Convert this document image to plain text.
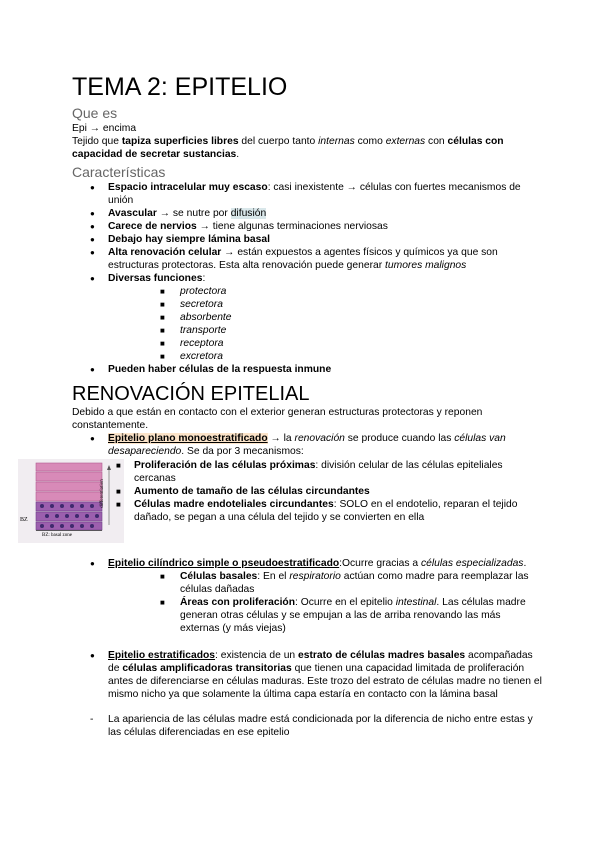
TEMA 2: EPITELIO
Que es

Epi → encima

Tejido que tapiza superficies libres del cuerpo tanto internas como externas con células con capacidad de secretar sustancias.

Características
● Espacio intracelular muy escaso: casi inexistente → células con fuertes mecanismos de unión
● Avascular → se nutre por difusión
● Carece de nervios → tiene algunas terminaciones nerviosas
● Debajo hay siempre lámina basal
● Alta renovación celular → están expuestos a agentes físicos y químicos ya que son estructuras protectoras. Esta alta renovación puede generar tumores malignos
● Diversas funciones:
■ protectora
■ secretora
■ absorbente
■ transporte
■ receptora
■ excretora
● Pueden haber células de la respuesta inmune
RENOVACIÓN EPITELIAL

Debido a que están en contacto con el exterior generan estructuras protectoras y reponen constantemente.

● Epitelio plano monoestratificado → la renovación se produce cuando las células van desapareciendo. Se da por 3 mecanismos:
BZ
BZ: basal zone
differentiation
■ Proliferación de las células próximas: división celular de las células epiteliales cercanas
■ Aumento de tamaño de las células circundantes
■ Células madre endoteliales circundantes: SOLO en el endotelio, reparan el tejido dañado, se pegan a una célula del tejido y se convierten en ella
● Epitelio cilíndrico simple o pseudoestratificado:Ocurre gracias a células especializadas.
■ Células basales: En el respiratorio actúan como madre para reemplazar las células dañadas
■ Áreas con proliferación: Ocurre en el epitelio intestinal. Las células madre generan otras células y se empujan a las de arriba renovando las más externas (y más viejas)
● Epitelio estratificados: existencia de un estrato de células madres basales acompañadas de células amplificadoras transitorias que tienen una capacidad limitada de proliferación antes de diferenciarse en células maduras. Este trozo del estrato de células madre no tienen el mismo nicho ya que solamente la última capa estaría en contacto con la lámina basal

- La apariencia de las células madre está condicionada por la diferencia de nicho entre estas y las células diferenciadas en ese epitelio
